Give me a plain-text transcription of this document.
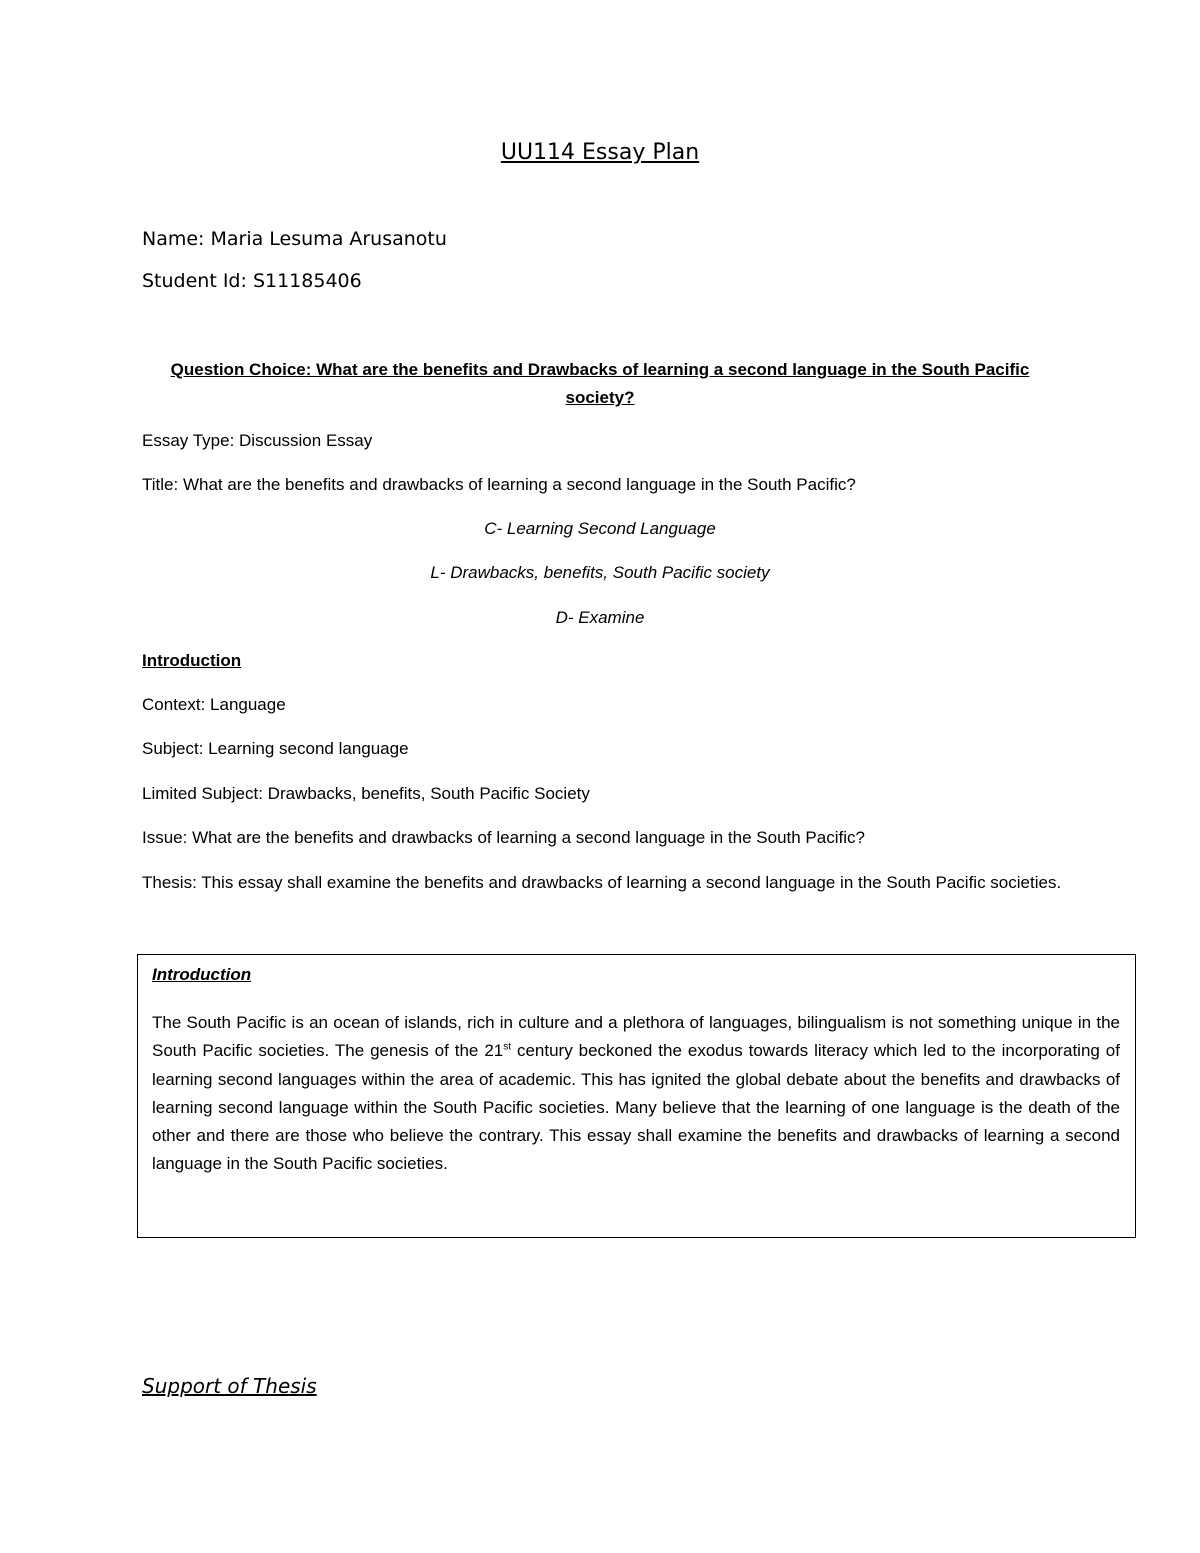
UU114 Essay Plan
Name: Maria Lesuma Arusanotu
Student Id: S11185406
Question Choice: What are the benefits and Drawbacks of learning a second language in the South Pacific society?
Essay Type: Discussion Essay
Title: What are the benefits and drawbacks of learning a second language in the South Pacific?
C- Learning Second Language
L- Drawbacks, benefits, South Pacific society
D- Examine
Introduction
Context: Language
Subject: Learning second language
Limited Subject: Drawbacks, benefits, South Pacific Society
Issue: What are the benefits and drawbacks of learning a second language in the South Pacific?
Thesis: This essay shall examine the benefits and drawbacks of learning a second language in the South Pacific societies.
Introduction
The South Pacific is an ocean of islands, rich in culture and a plethora of languages, bilingualism is not something unique in the South Pacific societies. The genesis of the 21st century beckoned the exodus towards literacy which led to the incorporating of learning second languages within the area of academic. This has ignited the global debate about the benefits and drawbacks of learning second language within the South Pacific societies. Many believe that the learning of one language is the death of the other and there are those who believe the contrary. This essay shall examine the benefits and drawbacks of learning a second language in the South Pacific societies.
Support of Thesis
